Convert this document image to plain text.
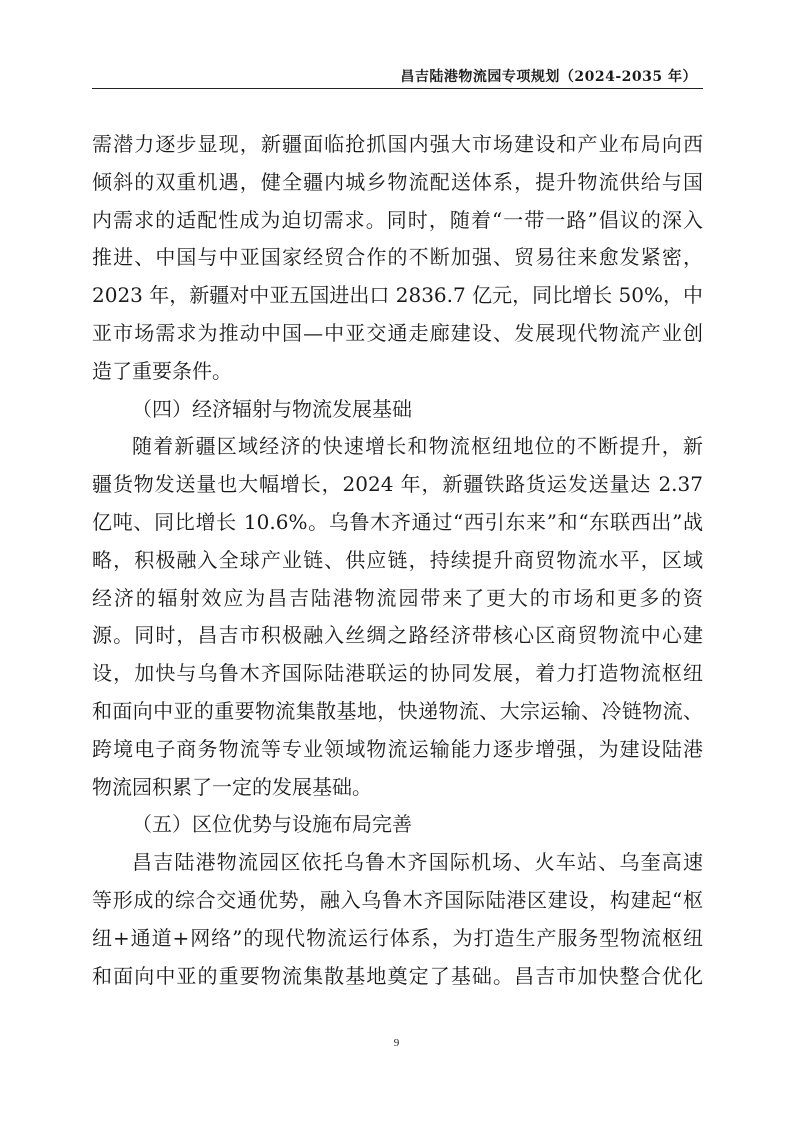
昌吉陆港物流园专项规划（2024-2035 年）
需潜力逐步显现，新疆面临抢抓国内强大市场建设和产业布局向西
倾斜的双重机遇，健全疆内城乡物流配送体系，提升物流供给与国
内需求的适配性成为迫切需求。同时，随着“一带一路”倡议的深入
推进、中国与中亚国家经贸合作的不断加强、贸易往来愈发紧密，
2023 年，新疆对中亚五国进出口 2836.7 亿元，同比增长 50%，中
亚市场需求为推动中国—中亚交通走廊建设、发展现代物流产业创
造了重要条件。
（四）经济辐射与物流发展基础
随着新疆区域经济的快速增长和物流枢纽地位的不断提升，新
疆货物发送量也大幅增长，2024 年，新疆铁路货运发送量达 2.37
亿吨、同比增长 10.6%。乌鲁木齐通过“西引东来”和“东联西出”战
略，积极融入全球产业链、供应链，持续提升商贸物流水平，区域
经济的辐射效应为昌吉陆港物流园带来了更大的市场和更多的资
源。同时，昌吉市积极融入丝绸之路经济带核心区商贸物流中心建
设，加快与乌鲁木齐国际陆港联运的协同发展，着力打造物流枢纽
和面向中亚的重要物流集散基地，快递物流、大宗运输、冷链物流、
跨境电子商务物流等专业领域物流运输能力逐步增强，为建设陆港
物流园积累了一定的发展基础。
（五）区位优势与设施布局完善
昌吉陆港物流园区依托乌鲁木齐国际机场、火车站、乌奎高速
等形成的综合交通优势，融入乌鲁木齐国际陆港区建设，构建起“枢
纽+通道+网络”的现代物流运行体系，为打造生产服务型物流枢纽
和面向中亚的重要物流集散基地奠定了基础。昌吉市加快整合优化
9
